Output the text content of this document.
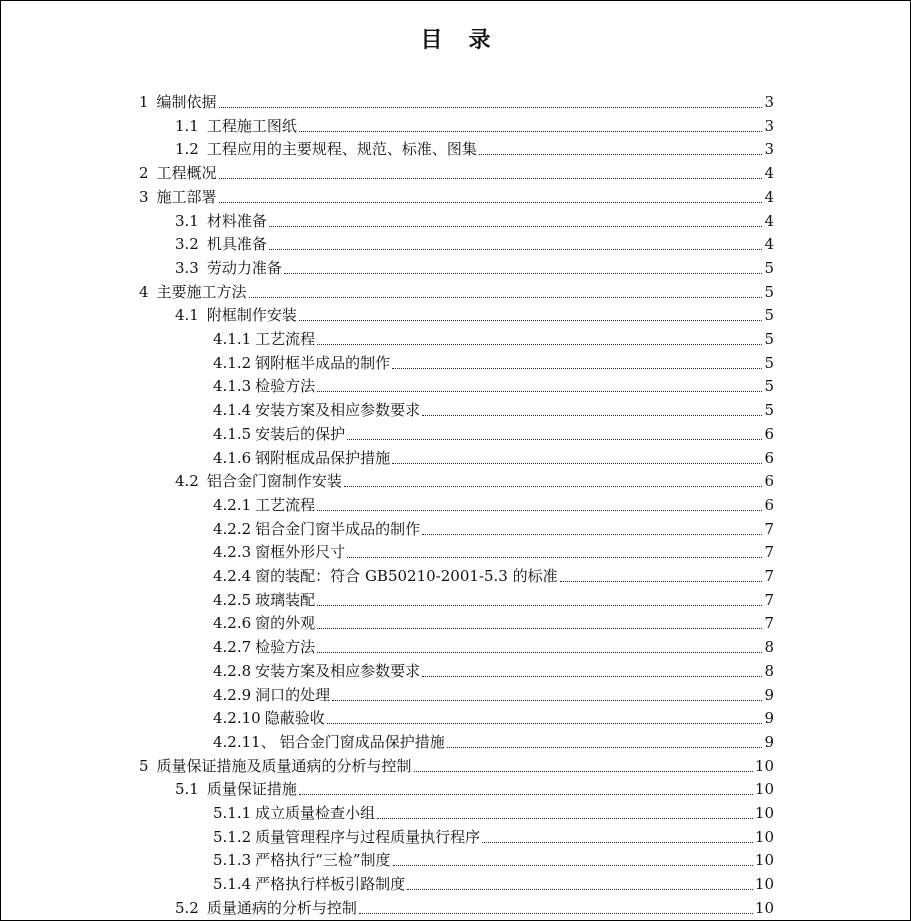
目录
1 编制依据	3
1.1 工程施工图纸	3
1.2 工程应用的主要规程、规范、标准、图集	3
2 工程概况	4
3 施工部署	4
3.1 材料准备	4
3.2 机具准备	4
3.3 劳动力准备	5
4 主要施工方法	5
4.1 附框制作安装	5
4.1.1 工艺流程	5
4.1.2 钢附框半成品的制作	5
4.1.3 检验方法	5
4.1.4 安装方案及相应参数要求	5
4.1.5 安装后的保护	6
4.1.6 钢附框成品保护措施	6
4.2 铝合金门窗制作安装	6
4.2.1 工艺流程	6
4.2.2 铝合金门窗半成品的制作	7
4.2.3 窗框外形尺寸	7
4.2.4 窗的装配：符合 GB50210-2001-5.3 的标准	7
4.2.5 玻璃装配	7
4.2.6 窗的外观	7
4.2.7 检验方法	8
4.2.8 安装方案及相应参数要求	8
4.2.9 洞口的处理	9
4.2.10 隐蔽验收	9
4.2.11、 铝合金门窗成品保护措施	9
5 质量保证措施及质量通病的分析与控制	10
5.1 质量保证措施	10
5.1.1 成立质量检查小组	10
5.1.2 质量管理程序与过程质量执行程序	10
5.1.3 严格执行“三检”制度	10
5.1.4 严格执行样板引路制度	10
5.2 质量通病的分析与控制	10
